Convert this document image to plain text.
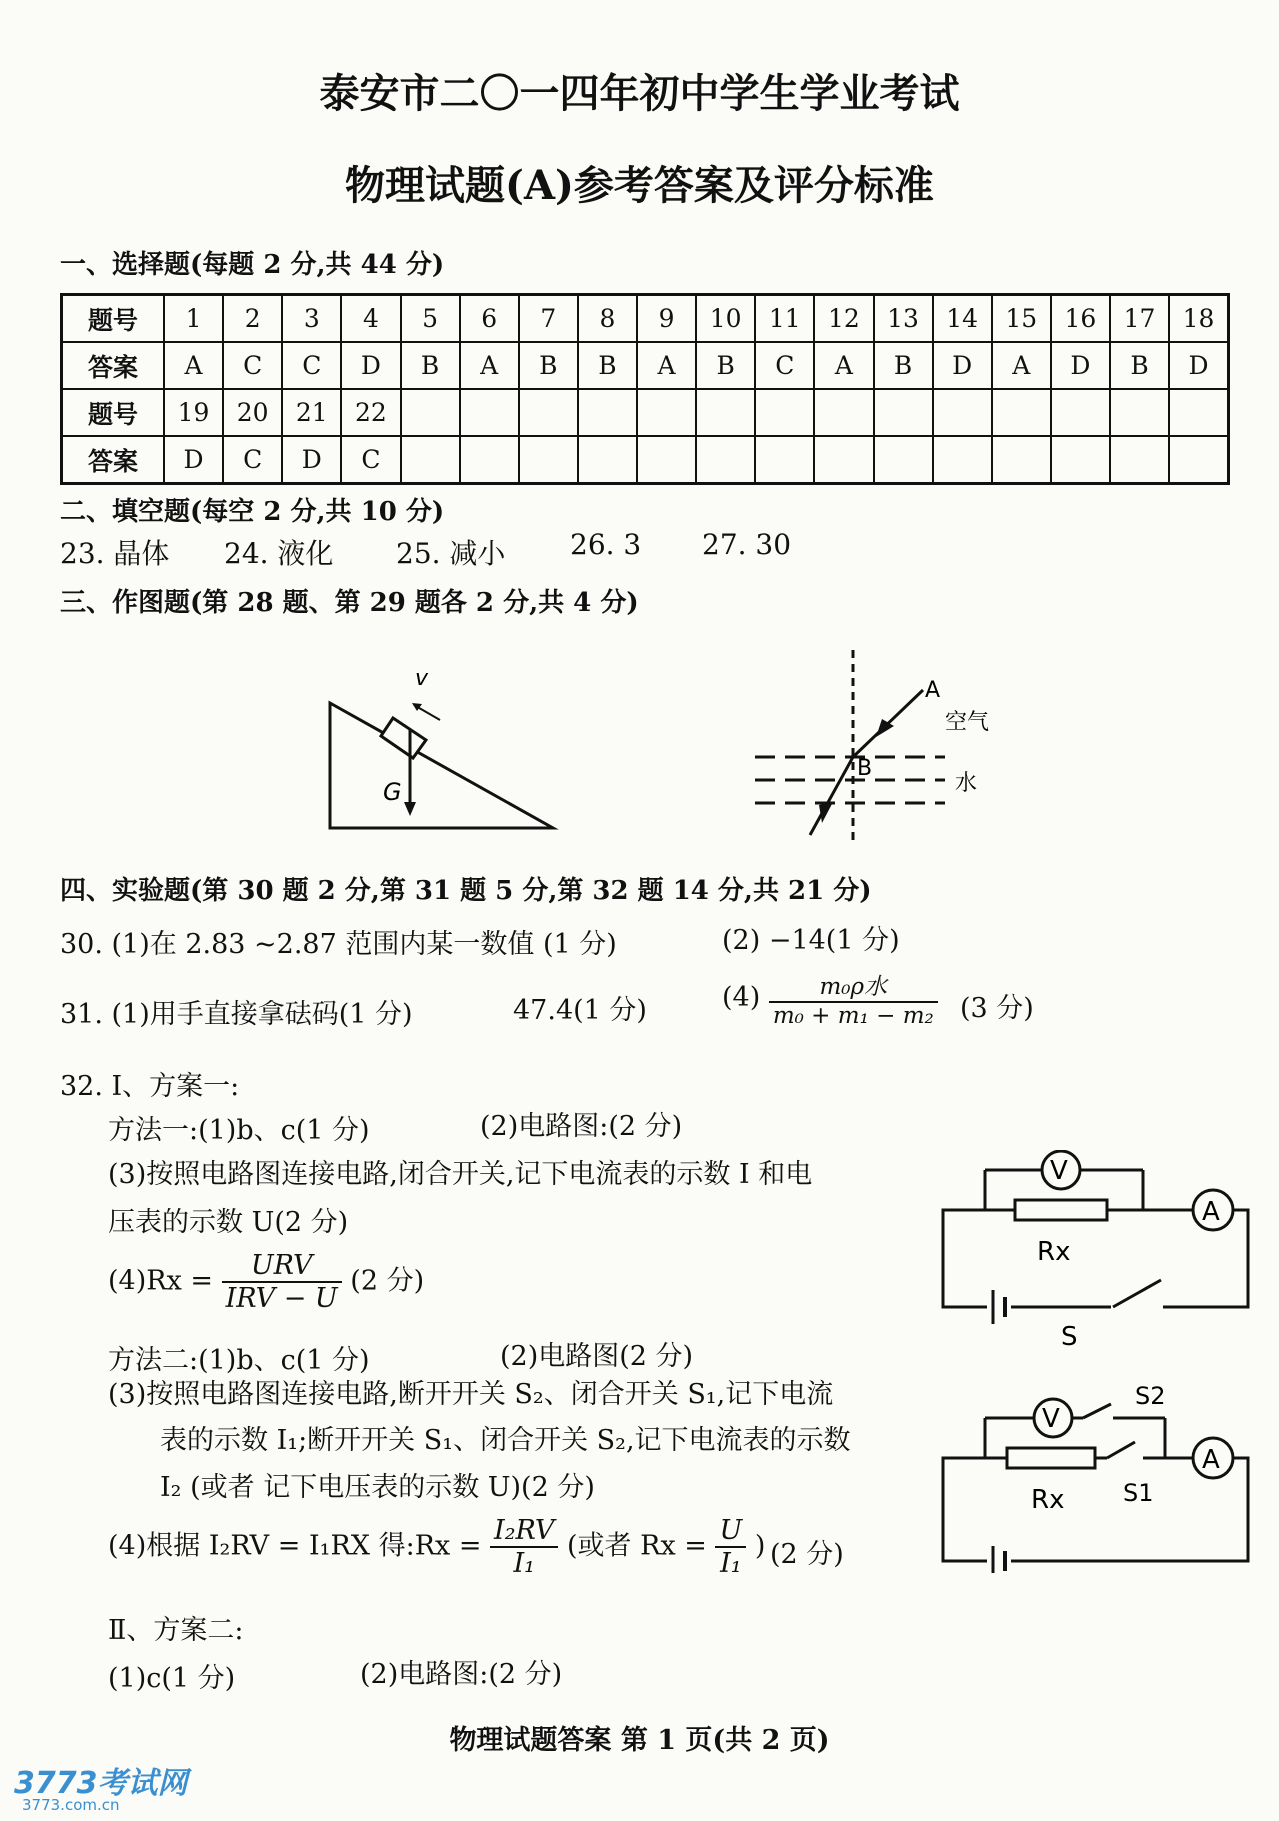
泰安市二〇一四年初中学生学业考试
物理试题(A)参考答案及评分标准
一、选择题(每题 2 分,共 44 分)
题号	1	2	3	4	5	6	7	8	9	10	11	12	13	14	15	16	17	18
答案	A	C	C	D	B	A	B	B	A	B	C	A	B	D	A	D	B	D
题号	19	20	21	22														
答案	D	C	D	C														
二、填空题(每空 2 分,共 10 分)
23. 晶体 24. 液化 25. 减小 26. 3 27. 30
三、作图题(第 28 题、第 29 题各 2 分,共 4 分)
v
G
A
B
空气
水
四、实验题(第 30 题 2 分,第 31 题 5 分,第 32 题 14 分,共 21 分)
30. (1)在 2.83 ~2.87 范围内某一数值 (1 分)	(2) −14(1 分)
31. (1)用手直接拿砝码(1 分)	47.4(1 分)	$(4) \frac{\text{m₀ρ水}}{\text{m₀ + m₁ − m₂}} (3$ 分)
32. Ⅰ、方案一:
方法一:(1)b、c(1 分)	(2)电路图:(2 分)
(3)按照电路图连接电路,闭合开关,记下电流表的示数 I 和电
压表的示数 U(2 分)
$(4)Rx = \frac{\text{URV}}{\text{IRV − U}} (2$ 分)
方法二:(1)b、c(1 分)	(2)电路图(2 分)
(3)按照电路图连接电路,断开开关 S₂、闭合开关 S₁,记下电流
表的示数 I₁;断开开关 S₁、闭合开关 S₂,记下电流表的示数
I₂ (或者 记下电压表的示数 U)(2 分)
(4)根据 I₂RV = I₁RX 得:Rx = $\frac{\text{I₂RV}}{\text{I₁}}$ (或者 $Rx = \frac{U}{\text{I₁}}$ ) (2 分)
V
A
Rx
S
V
S2
A
Rx S1
Ⅱ、方案二:
(1)c(1 分)	(2)电路图:(2 分)
物理试题答案 第 1 页(共 2 页)
3773考试网
3773.com.cn
